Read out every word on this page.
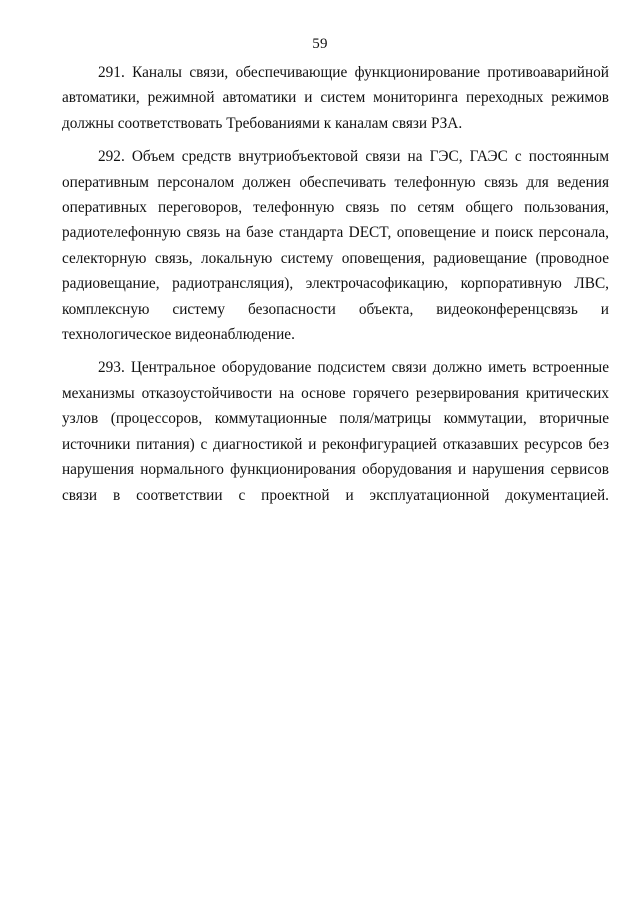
59

291. Каналы связи, обеспечивающие функционирование противоаварийной автоматики, режимной автоматики и систем мониторинга переходных режимов должны соответствовать Требованиями к каналам связи РЗА.

292. Объем средств внутриобъектовой связи на ГЭС, ГАЭС с постоянным оперативным персоналом должен обеспечивать телефонную связь для ведения оперативных переговоров, телефонную связь по сетям общего пользования, радиотелефонную связь на базе стандарта DECT, оповещение и поиск персонала, селекторную связь, локальную систему оповещения, радиовещание (проводное радиовещание, радиотрансляция), электрочасофикацию, корпоративную ЛВС, комплексную систему безопасности объекта, видеоконференцсвязь и технологическое видеонаблюдение.

293. Центральное оборудование подсистем связи должно иметь встроенные механизмы отказоустойчивости на основе горячего резервирования критических узлов (процессоров, коммутационные поля/матрицы коммутации, вторичные источники питания) с диагностикой и реконфигурацией отказавших ресурсов без нарушения нормального функционирования оборудования и нарушения сервисов связи в соответствии с проектной и эксплуатационной документацией.
